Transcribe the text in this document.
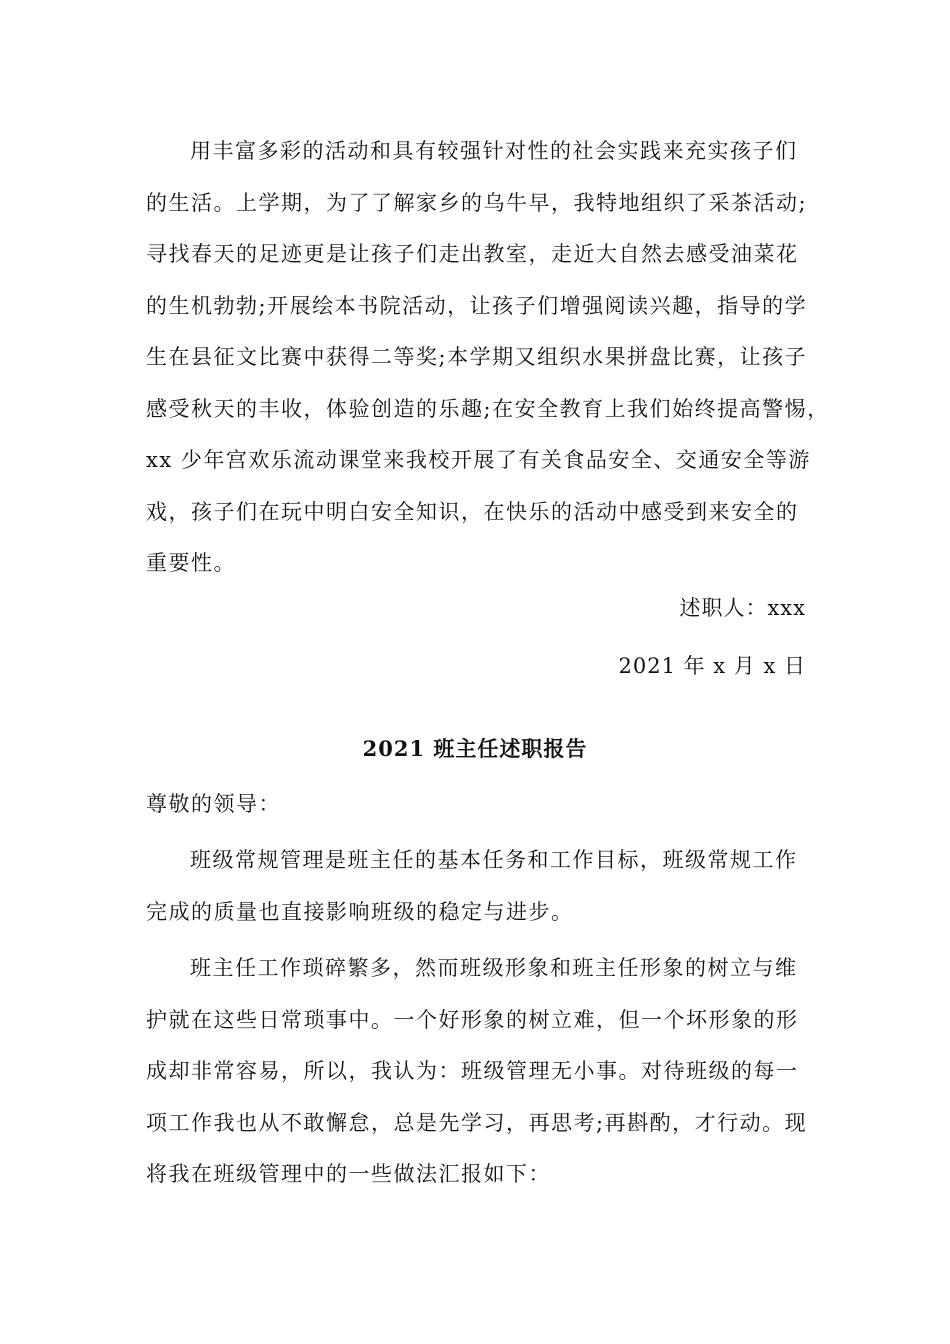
用丰富多彩的活动和具有较强针对性的社会实践来充实孩子们
的生活。上学期，为了了解家乡的乌牛早，我特地组织了采茶活动;
寻找春天的足迹更是让孩子们走出教室，走近大自然去感受油菜花
的生机勃勃;开展绘本书院活动，让孩子们增强阅读兴趣，指导的学
生在县征文比赛中获得二等奖;本学期又组织水果拼盘比赛，让孩子
感受秋天的丰收，体验创造的乐趣;在安全教育上我们始终提高警惕，
xx 少年宫欢乐流动课堂来我校开展了有关食品安全、交通安全等游
戏，孩子们在玩中明白安全知识，在快乐的活动中感受到来安全的
重要性。
述职人：xxx
2021 年 x 月 x 日
2021 班主任述职报告
尊敬的领导：
班级常规管理是班主任的基本任务和工作目标，班级常规工作
完成的质量也直接影响班级的稳定与进步。
班主任工作琐碎繁多，然而班级形象和班主任形象的树立与维
护就在这些日常琐事中。一个好形象的树立难，但一个坏形象的形
成却非常容易，所以，我认为：班级管理无小事。对待班级的每一
项工作我也从不敢懈怠，总是先学习，再思考;再斟酌，才行动。现
将我在班级管理中的一些做法汇报如下：
